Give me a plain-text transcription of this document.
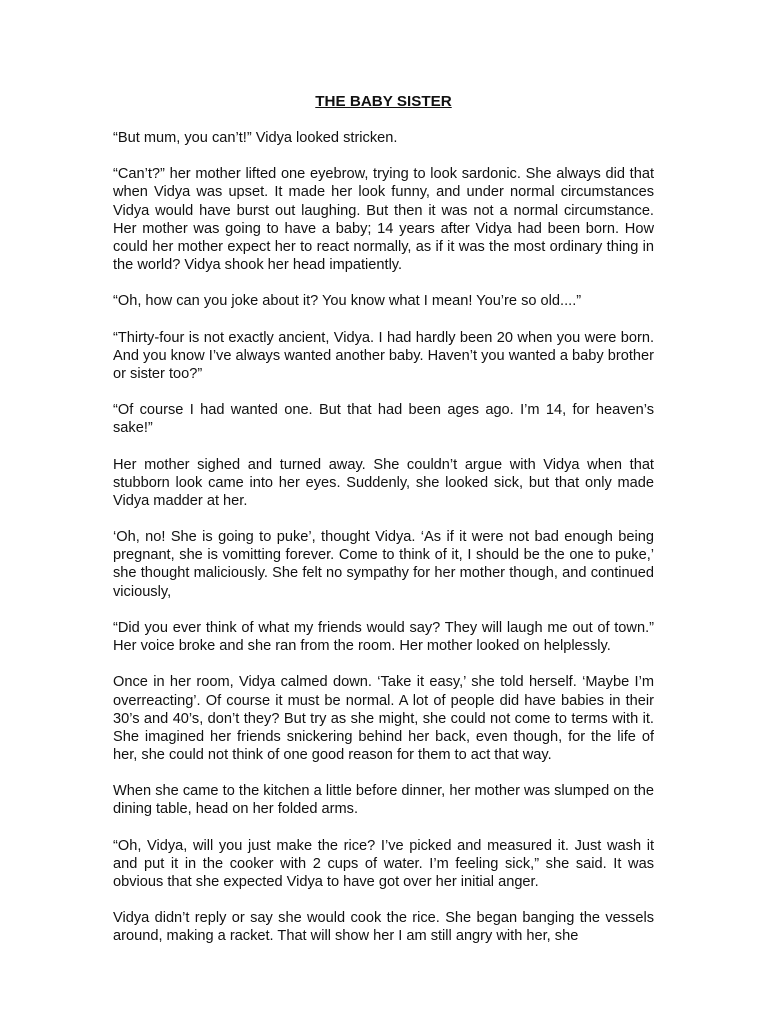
THE BABY SISTER

“But mum, you can’t!” Vidya looked stricken.

“Can’t?” her mother lifted one eyebrow, trying to look sardonic. She always did that when Vidya was upset. It made her look funny, and under normal circumstances Vidya would have burst out laughing. But then it was not a normal circumstance. Her mother was going to have a baby; 14 years after Vidya had been born. How could her mother expect her to react normally, as if it was the most ordinary thing in the world? Vidya shook her head impatiently.

“Oh, how can you joke about it? You know what I mean! You’re so old....”

“Thirty-four is not exactly ancient, Vidya. I had hardly been 20 when you were born. And you know I’ve always wanted another baby. Haven’t you wanted a baby brother or sister too?”

“Of course I had wanted one. But that had been ages ago. I’m 14, for heaven’s sake!”

Her mother sighed and turned away. She couldn’t argue with Vidya when that stubborn look came into her eyes. Suddenly, she looked sick, but that only made Vidya madder at her.

‘Oh, no! She is going to puke’, thought Vidya. ‘As if it were not bad enough being pregnant, she is vomitting forever. Come to think of it, I should be the one to puke,’ she thought maliciously. She felt no sympathy for her mother though, and continued viciously,

“Did you ever think of what my friends would say? They will laugh me out of town.” Her voice broke and she ran from the room. Her mother looked on helplessly.

Once in her room, Vidya calmed down. ‘Take it easy,’ she told herself. ‘Maybe I’m overreacting’. Of course it must be normal. A lot of people did have babies in their 30’s and 40’s, don’t they? But try as she might, she could not come to terms with it. She imagined her friends snickering behind her back, even though, for the life of her, she could not think of one good reason for them to act that way.

When she came to the kitchen a little before dinner, her mother was slumped on the dining table, head on her folded arms.

“Oh, Vidya, will you just make the rice? I’ve picked and measured it. Just wash it and put it in the cooker with 2 cups of water. I’m feeling sick,” she said. It was obvious that she expected Vidya to have got over her initial anger.

Vidya didn’t reply or say she would cook the rice. She began banging the vessels around, making a racket. That will show her I am still angry with her, she
